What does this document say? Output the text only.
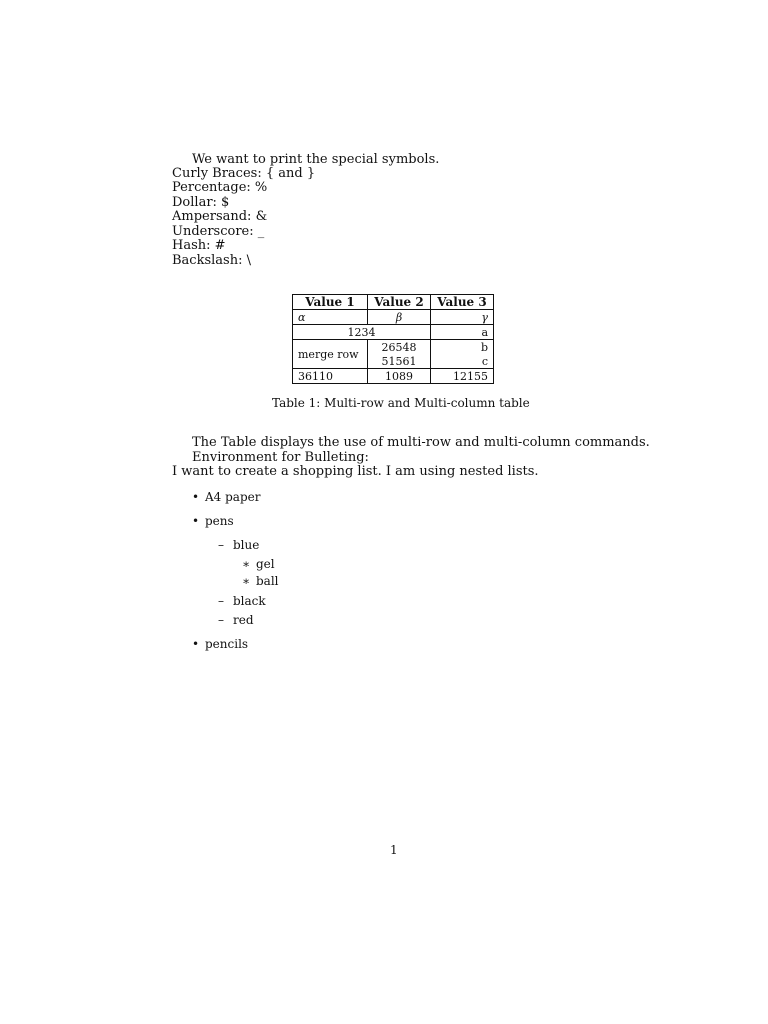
We want to print the special symbols.
Curly Braces: { and }
Percentage: %
Dollar: $
Ampersand: &
Underscore: _
Hash: #
Backslash: \
Value 1	Value 2	Value 3
α	β	γ
1234		a
merge row	26548	b
	51561	c
36110	1089	12155
Table 1: Multi-row and Multi-column table
The Table displays the use of multi-row and multi-column commands.
Environment for Bulleting:
I want to create a shopping list. I am using nested lists.
• A4 paper
• pens
– blue
∗ gel
∗ ball
– black
– red
• pencils
1
